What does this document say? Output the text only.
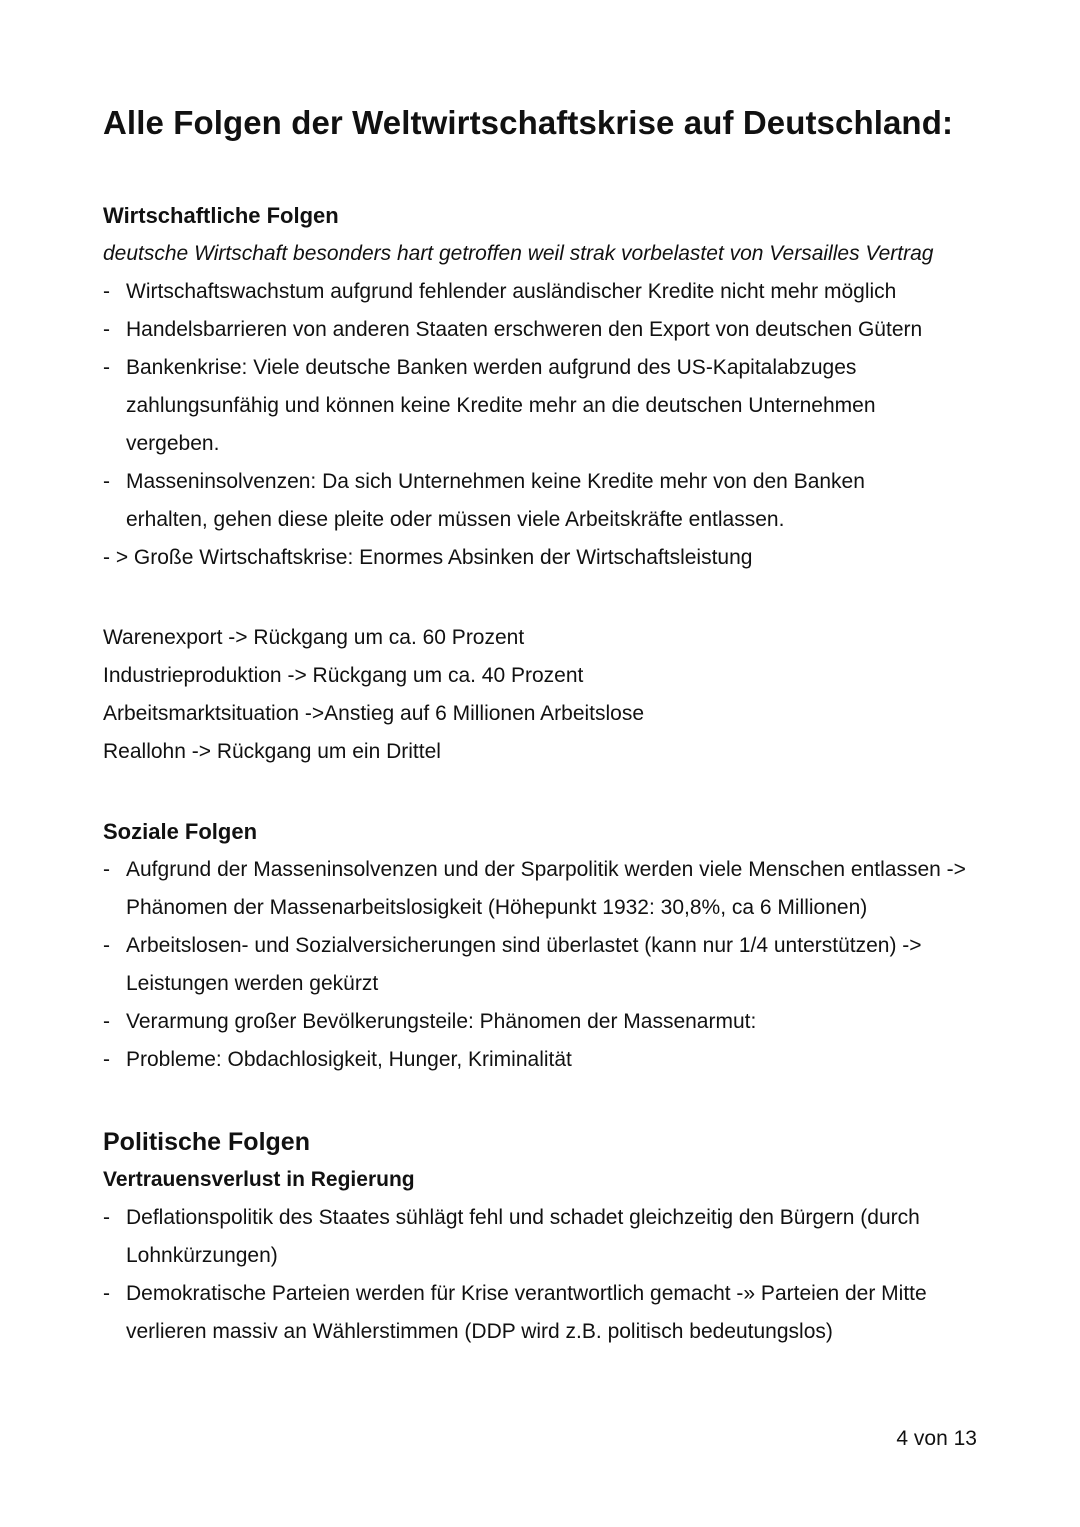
Alle Folgen der Weltwirtschaftskrise auf Deutschland:

Wirtschaftliche Folgen

deutsche Wirtschaft besonders hart getroffen weil strak vorbelastet von Versailles Vertrag

- Wirtschaftswachstum aufgrund fehlender ausländischer Kredite nicht mehr möglich
- Handelsbarrieren von anderen Staaten erschweren den Export von deutschen Gütern
- Bankenkrise: Viele deutsche Banken werden aufgrund des US-Kapitalabzuges zahlungsunfähig und können keine Kredite mehr an die deutschen Unternehmen vergeben.
- Masseninsolvenzen: Da sich Unternehmen keine Kredite mehr von den Banken erhalten, gehen diese pleite oder müssen viele Arbeitskräfte entlassen.

- > Große Wirtschaftskrise: Enormes Absinken der Wirtschaftsleistung

Warenexport -> Rückgang um ca. 60 Prozent

Industrieproduktion -> Rückgang um ca. 40 Prozent

Arbeitsmarktsituation ->Anstieg auf 6 Millionen Arbeitslose

Reallohn -> Rückgang um ein Drittel

Soziale Folgen

- Aufgrund der Masseninsolvenzen und der Sparpolitik werden viele Menschen entlassen -> Phänomen der Massenarbeitslosigkeit (Höhepunkt 1932: 30,8%, ca 6 Millionen)
- Arbeitslosen- und Sozialversicherungen sind überlastet (kann nur 1/4 unterstützen) -> Leistungen werden gekürzt
- Verarmung großer Bevölkerungsteile: Phänomen der Massenarmut:
- Probleme: Obdachlosigkeit, Hunger, Kriminalität

Politische Folgen

Vertrauensverlust in Regierung

- Deflationspolitik des Staates sühlägt fehl und schadet gleichzeitig den Bürgern (durch Lohnkürzungen)
- Demokratische Parteien werden für Krise verantwortlich gemacht -» Parteien der Mitte verlieren massiv an Wählerstimmen (DDP wird z.B. politisch bedeutungslos)
4 von 13
